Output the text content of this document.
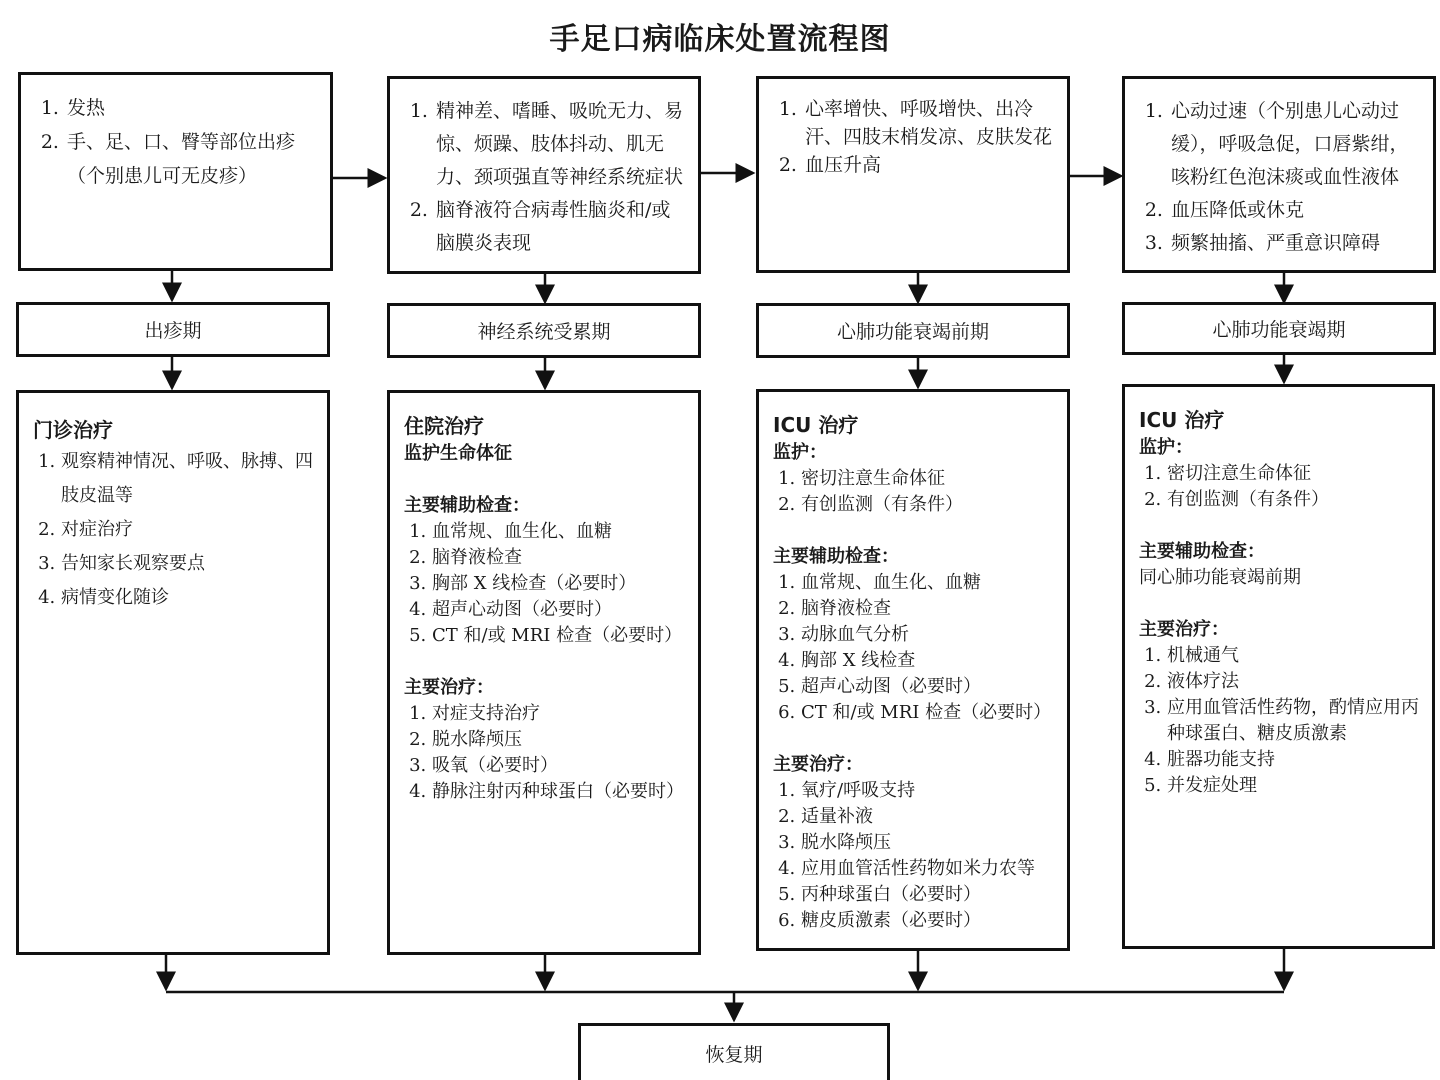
手足口病临床处置流程图
1. 发热
2. 手、足、口、臀等部位出疹（个别患儿可无皮疹）
1. 精神差、嗜睡、吸吮无力、易惊、烦躁、肢体抖动、肌无力、颈项强直等神经系统症状
2. 脑脊液符合病毒性脑炎和/或脑膜炎表现
1. 心率增快、呼吸增快、出冷汗、四肢末梢发凉、皮肤发花
2. 血压升高
1. 心动过速（个别患儿心动过缓），呼吸急促，口唇紫绀，咳粉红色泡沫痰或血性液体
2. 血压降低或休克
3. 频繁抽搐、严重意识障碍
出疹期	神经系统受累期	心肺功能衰竭前期	心肺功能衰竭期
门诊治疗
1. 观察精神情况、呼吸、脉搏、四肢皮温等
2. 对症治疗
3. 告知家长观察要点
4. 病情变化随诊
住院治疗
监护生命体征
主要辅助检查：
1. 血常规、血生化、血糖
2. 脑脊液检查
3. 胸部 X 线检查（必要时）
4. 超声心动图（必要时）
5. CT 和/或 MRI 检查（必要时）
主要治疗：
1. 对症支持治疗
2. 脱水降颅压
3. 吸氧（必要时）
4. 静脉注射丙种球蛋白（必要时）
ICU 治疗
监护：
1. 密切注意生命体征
2. 有创监测（有条件）
主要辅助检查：
1. 血常规、血生化、血糖
2. 脑脊液检查
3. 动脉血气分析
4. 胸部 X 线检查
5. 超声心动图（必要时）
6. CT 和/或 MRI 检查（必要时）
主要治疗：
1. 氧疗/呼吸支持
2. 适量补液
3. 脱水降颅压
4. 应用血管活性药物如米力农等
5. 丙种球蛋白（必要时）
6. 糖皮质激素（必要时）
ICU 治疗
监护：
1. 密切注意生命体征
2. 有创监测（有条件）
主要辅助检查：
同心肺功能衰竭前期
主要治疗：
1. 机械通气
2. 液体疗法
3. 应用血管活性药物，酌情应用丙种球蛋白、糖皮质激素
4. 脏器功能支持
5. 并发症处理
恢复期
